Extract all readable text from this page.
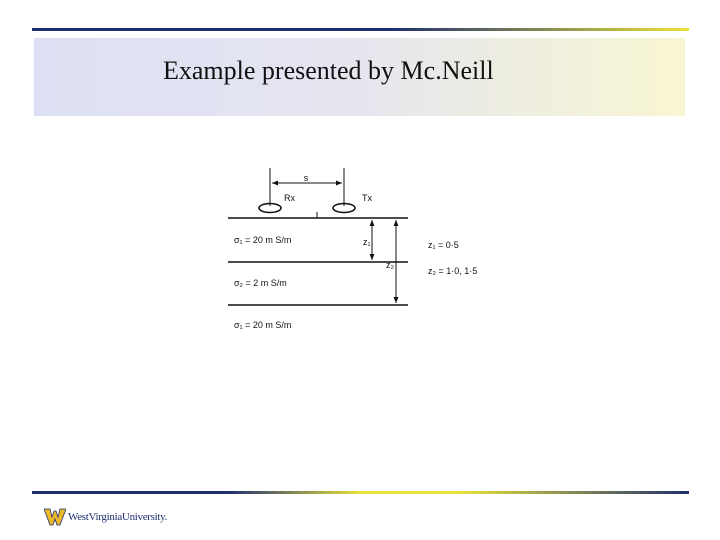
Example presented by Mc.Neill
s
Rx	Tx
σ₁ = 20 m S/m
σ₂ = 2 m S/m
σ₁ = 20 m S/m
z₁
z₂
z₁ = 0·5
z₂ = 1·0, 1·5
WestVirginiaUniversity.
